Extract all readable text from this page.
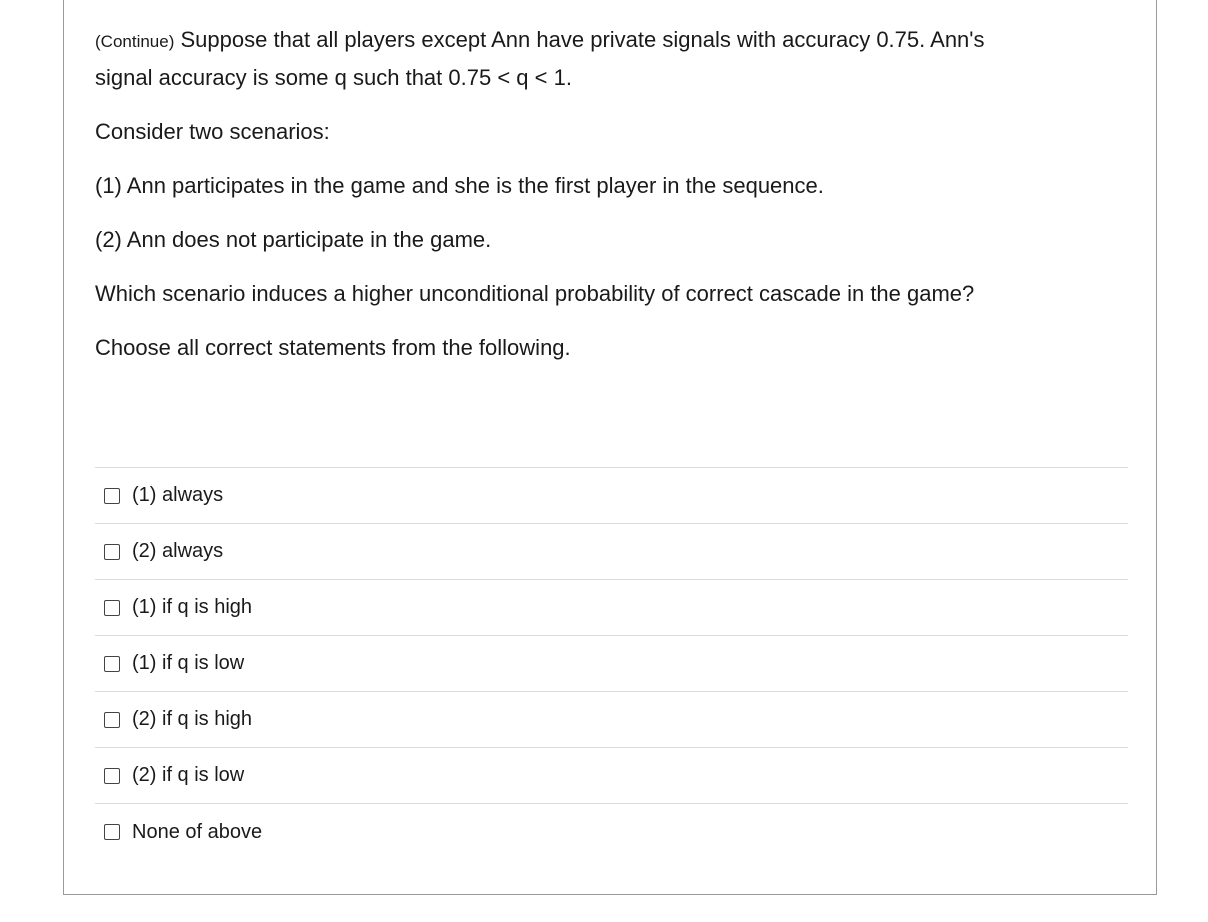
(Continue) Suppose that all players except Ann have private signals with accuracy 0.75. Ann's
signal accuracy is some q such that 0.75 < q < 1.

Consider two scenarios:

(1) Ann participates in the game and she is the first player in the sequence.

(2) Ann does not participate in the game.

Which scenario induces a higher unconditional probability of correct cascade in the game?

Choose all correct statements from the following.

(1) always
(2) always
(1) if q is high
(1) if q is low
(2) if q is high
(2) if q is low
None of above
